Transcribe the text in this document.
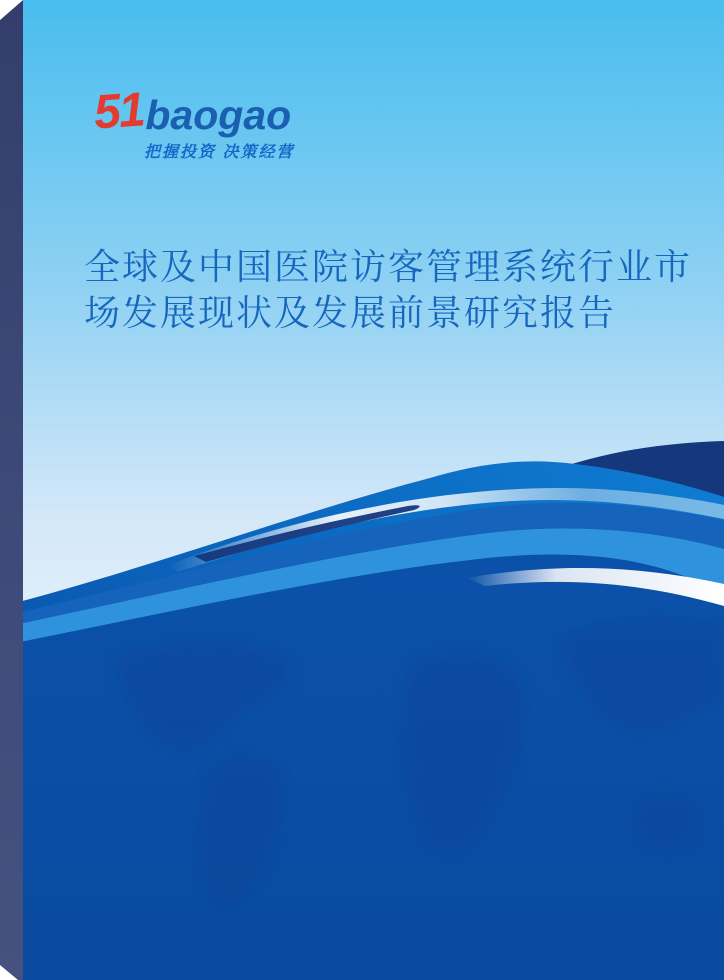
51 baogao
把握投资 决策经营
全球及中国医院访客管理系统行业市
场发展现状及发展前景研究报告
